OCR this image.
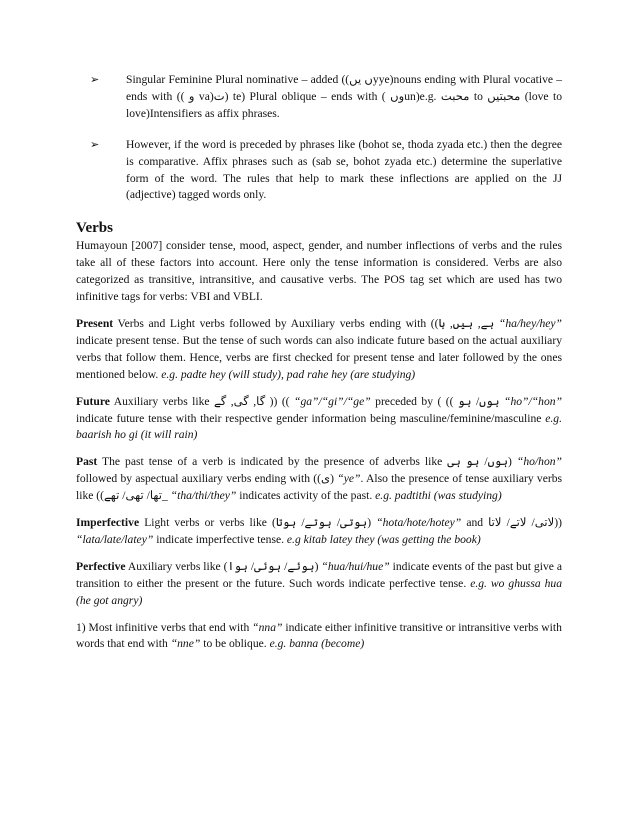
➢	Singular Feminine Plural nominative – added ((ں یںyye)nouns ending with Plural vocative – ends with (( و va)ت) te) Plural oblique – ends with ( وںun)e.g. محبت to محبتیں (love to love)Intensifiers as affix phrases.

➢	However, if the word is preceded by phrases like (bohot se, thoda zyada etc.) then the degree is comparative. Affix phrases such as (sab se, bohot zyada etc.) determine the superlative form of the word. The rules that help to mark these inflections are applied on the JJ (adjective) tagged words only.

Verbs

Humayoun [2007] consider tense, mood, aspect, gender, and number inflections of verbs and the rules take all of these factors into account. Here only the tense information is considered. Verbs are also categorized as transitive, intransitive, and causative verbs. The POS tag set which are used has two infinitive tags for verbs: VBI and VBLI.

Present Verbs and Light verbs followed by Auxiliary verbs ending with ((ہے, ہیں, ہا “ha/hey/hey” indicate present tense. But the tense of such words can also indicate future based on the actual auxiliary verbs that follow them. Hence, verbs are first checked for present tense and later followed by the ones mentioned below. e.g. padte hey (will study), pad rahe hey (are studying)

Future Auxiliary verbs like گا, گی, گے )) (( “ga”/“gi”/“ge” preceded by ( (( ہوں/ ہو “ho”/“hon” indicate future tense with their respective gender information being masculine/feminine/masculine e.g. baarish ho gi (it will rain)

Past The past tense of a verb is indicated by the presence of adverbs like ہوں/ ہو ہی) “ho/hon” followed by aspectual auxiliary verbs ending with ((ی) “ye”. Also the presence of tense auxiliary verbs like ((تھا/ تھی/ تھے_ “tha/thi/they” indicates activity of the past. e.g. padtithi (was studying)

Imperfective Light verbs or verbs like (ہوتی/ ہوتے/ ہوتا) “hota/hote/hotey” and لاتی/ لاتے/ لاتا)) “lata/late/latey” indicate imperfective tense. e.g kitab latey they (was getting the book)

Perfective Auxiliary verbs like (ہوئے/ ہوئی/ ہوا) “hua/hui/hue” indicate events of the past but give a transition to either the present or the future. Such words indicate perfective tense. e.g. wo ghussa hua (he got angry)

1) Most infinitive verbs that end with “nna” indicate either infinitive transitive or intransitive verbs with words that end with “nne” to be oblique. e.g. banna (become)
